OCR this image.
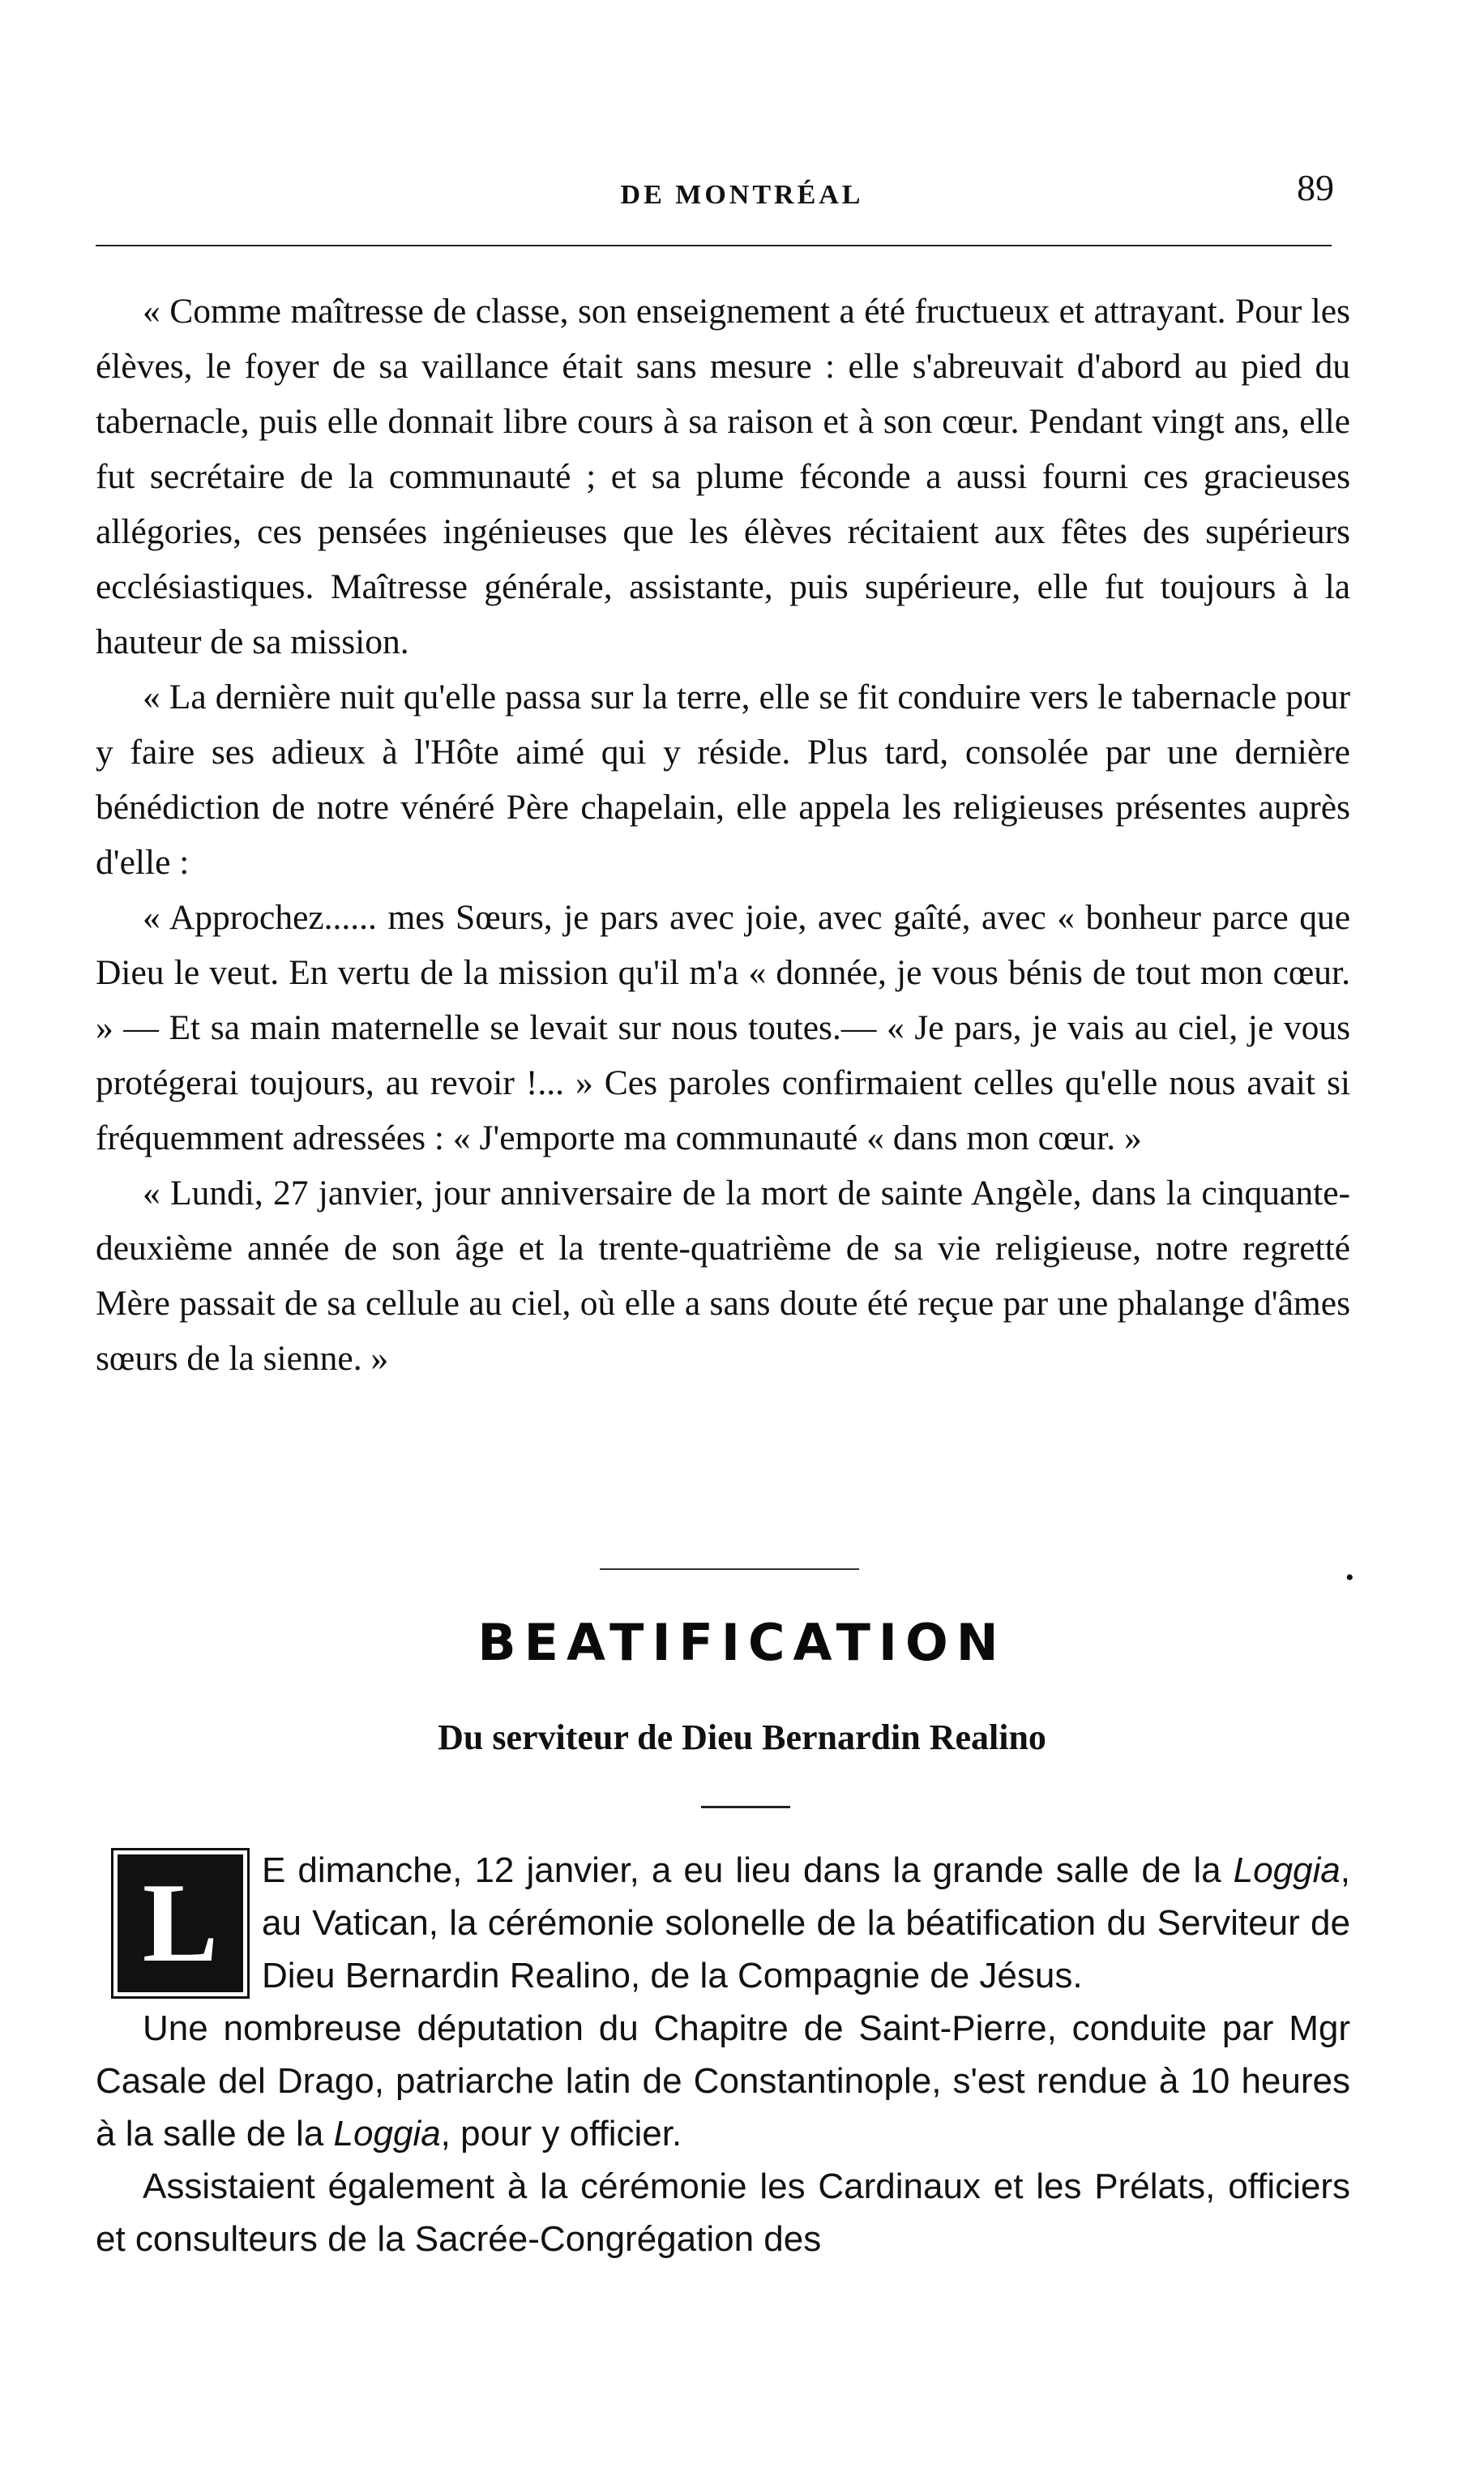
DE MONTRÉAL	89

« Comme maîtresse de classe, son enseignement a été fructueux et attrayant. Pour les élèves, le foyer de sa vaillance était sans mesure : elle s'abreuvait d'abord au pied du tabernacle, puis elle donnait libre cours à sa raison et à son cœur. Pendant vingt ans, elle fut secrétaire de la communauté ; et sa plume féconde a aussi fourni ces gracieuses allégories, ces pensées ingénieuses que les élèves récitaient aux fêtes des supérieurs ecclésiastiques. Maîtresse générale, assistante, puis supérieure, elle fut toujours à la hauteur de sa mission.

« La dernière nuit qu'elle passa sur la terre, elle se fit conduire vers le tabernacle pour y faire ses adieux à l'Hôte aimé qui y réside. Plus tard, consolée par une dernière bénédiction de notre vénéré Père chapelain, elle appela les religieuses présentes auprès d'elle :

« Approchez...... mes Sœurs, je pars avec joie, avec gaîté, avec « bonheur parce que Dieu le veut. En vertu de la mission qu'il m'a « donnée, je vous bénis de tout mon cœur. » — Et sa main maternelle se levait sur nous toutes.— « Je pars, je vais au ciel, je vous protégerai toujours, au revoir !... » Ces paroles confirmaient celles qu'elle nous avait si fréquemment adressées : « J'emporte ma communauté « dans mon cœur. »

« Lundi, 27 janvier, jour anniversaire de la mort de sainte Angèle, dans la cinquante-deuxième année de son âge et la trente-quatrième de sa vie religieuse, notre regretté Mère passait de sa cellule au ciel, où elle a sans doute été reçue par une phalange d'âmes sœurs de la sienne. »

•
BEATIFICATION
Du serviteur de Dieu Bernardin Realino

E dimanche, 12 janvier, a eu lieu dans la grande salle de la Loggia, au Vatican, la cérémonie solonelle de la béatification du Serviteur de Dieu Bernardin Realino, de la Compagnie de Jésus.

Une nombreuse députation du Chapitre de Saint-Pierre, conduite par Mgr Casale del Drago, patriarche latin de Constantinople, s'est rendue à 10 heures à la salle de la Loggia, pour y officier.

Assistaient également à la cérémonie les Cardinaux et les Prélats, officiers et consulteurs de la Sacrée-Congrégation des

L
